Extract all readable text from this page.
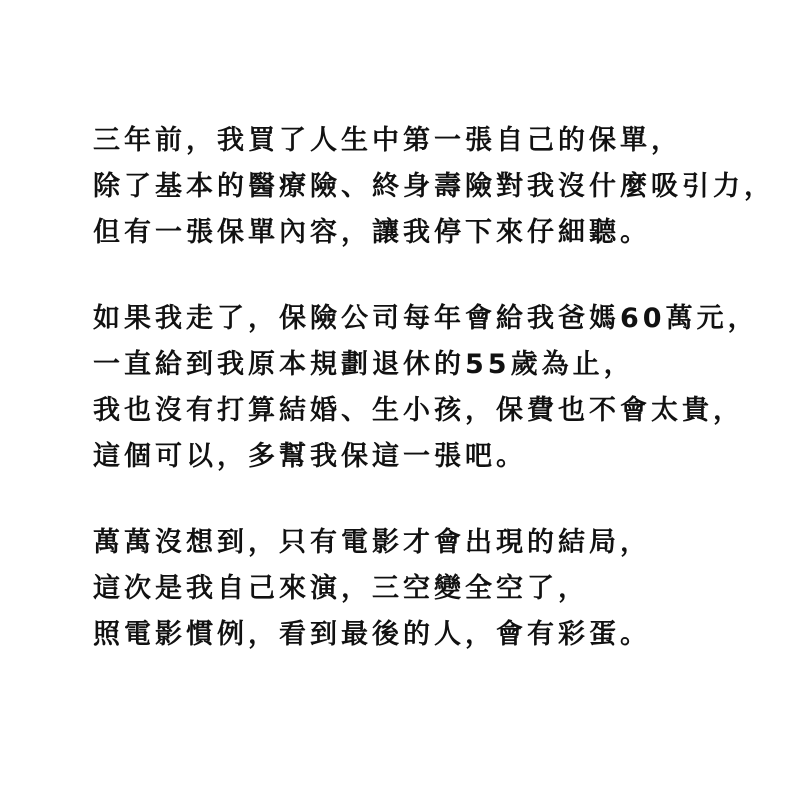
三年前，我買了人生中第一張自己的保單，
除了基本的醫療險、終身壽險對我沒什麼吸引力，
但有一張保單內容，讓我停下來仔細聽。
如果我走了，保險公司每年會給我爸媽60萬元，
一直給到我原本規劃退休的55歲為止，
我也沒有打算結婚、生小孩，保費也不會太貴，
這個可以，多幫我保這一張吧。
萬萬沒想到，只有電影才會出現的結局，
這次是我自己來演，三空變全空了，
照電影慣例，看到最後的人，會有彩蛋。
